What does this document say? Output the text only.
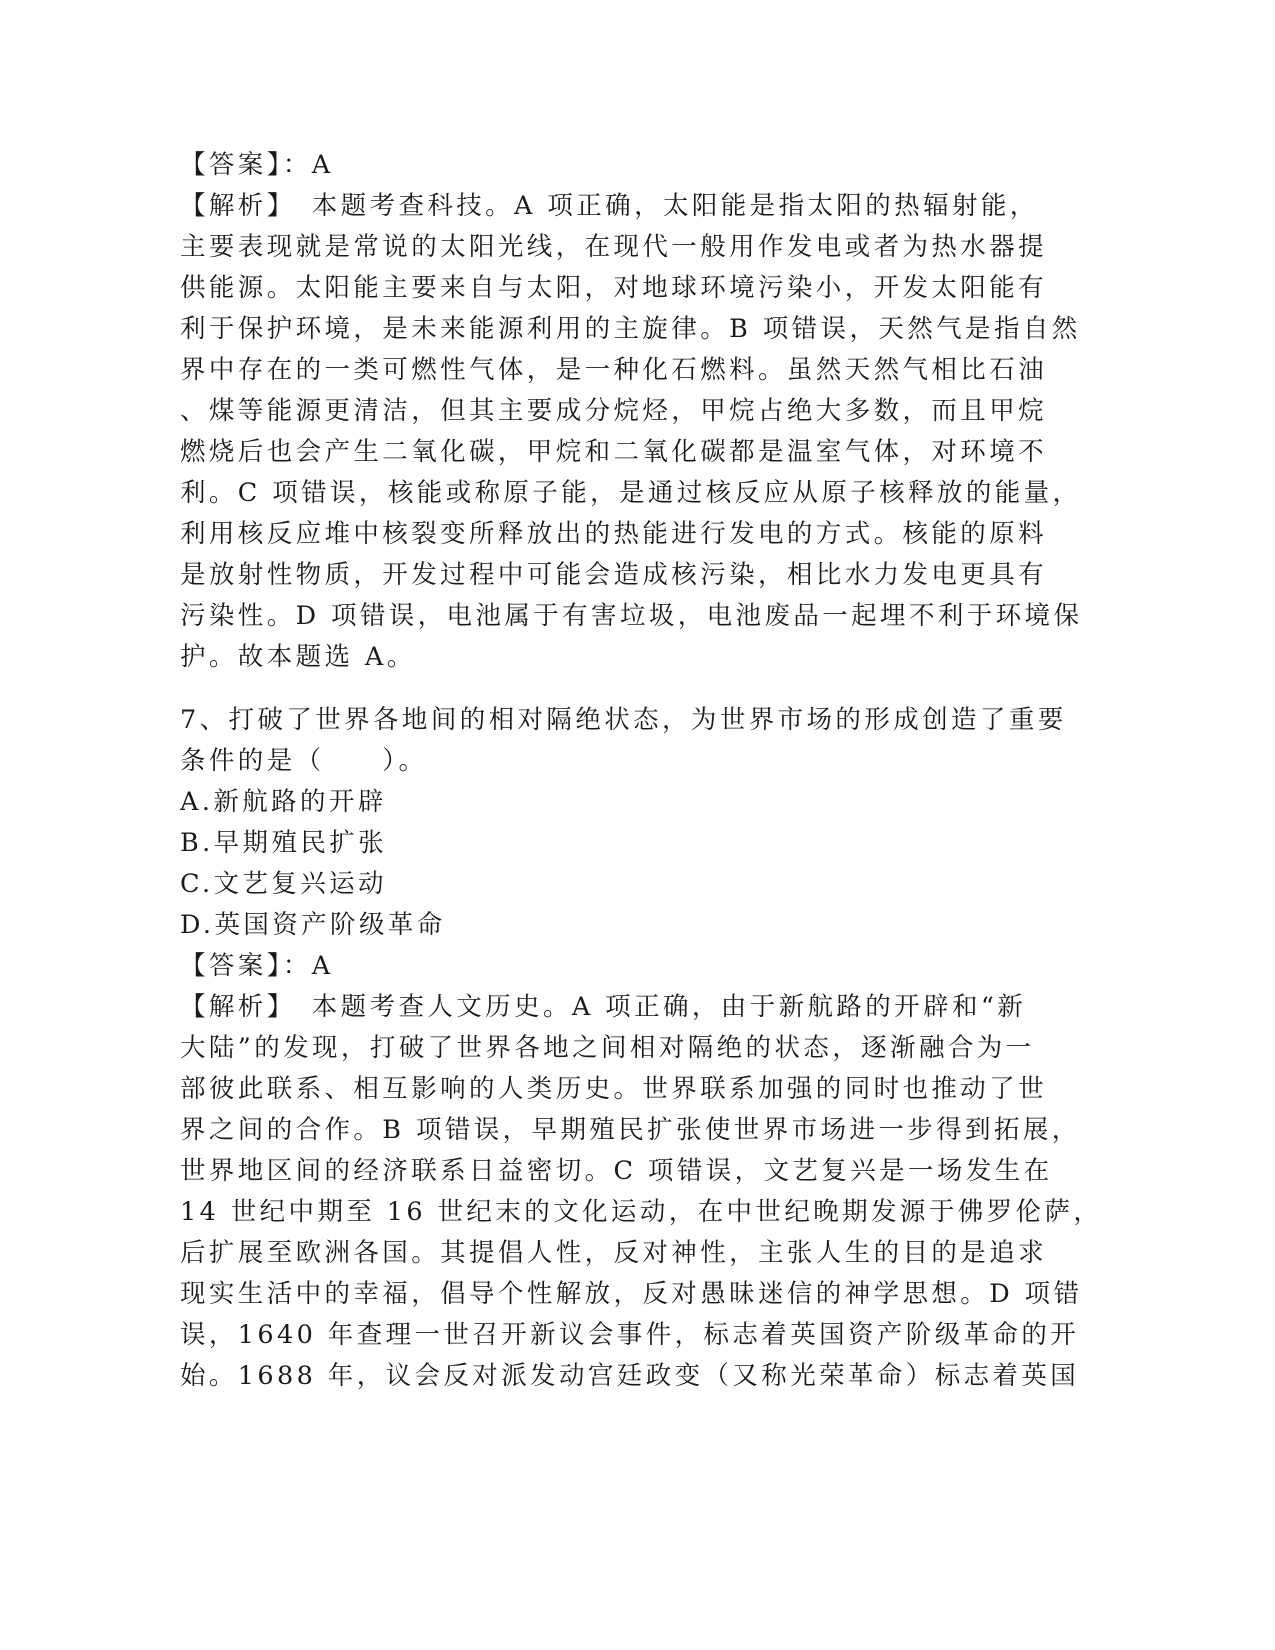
【答案】：A
【解析】　本题考查科技。A 项正确，太阳能是指太阳的热辐射能，
主要表现就是常说的太阳光线，在现代一般用作发电或者为热水器提
供能源。太阳能主要来自与太阳，对地球环境污染小，开发太阳能有
利于保护环境，是未来能源利用的主旋律。B 项错误，天然气是指自然
界中存在的一类可燃性气体，是一种化石燃料。虽然天然气相比石油
、煤等能源更清洁，但其主要成分烷烃，甲烷占绝大多数，而且甲烷
燃烧后也会产生二氧化碳，甲烷和二氧化碳都是温室气体，对环境不
利。C 项错误，核能或称原子能，是通过核反应从原子核释放的能量，
利用核反应堆中核裂变所释放出的热能进行发电的方式。核能的原料
是放射性物质，开发过程中可能会造成核污染，相比水力发电更具有
污染性。D 项错误，电池属于有害垃圾，电池废品一起埋不利于环境保
护。故本题选 A。
7、打破了世界各地间的相对隔绝状态，为世界市场的形成创造了重要
条件的是（　　）。
A.新航路的开辟
B.早期殖民扩张
C.文艺复兴运动
D.英国资产阶级革命
【答案】：A
【解析】　本题考查人文历史。A 项正确，由于新航路的开辟和“新
大陆”的发现，打破了世界各地之间相对隔绝的状态，逐渐融合为一
部彼此联系、相互影响的人类历史。世界联系加强的同时也推动了世
界之间的合作。B 项错误，早期殖民扩张使世界市场进一步得到拓展，
世界地区间的经济联系日益密切。C 项错误，文艺复兴是一场发生在
14 世纪中期至 16 世纪末的文化运动，在中世纪晚期发源于佛罗伦萨，
后扩展至欧洲各国。其提倡人性，反对神性，主张人生的目的是追求
现实生活中的幸福，倡导个性解放，反对愚昧迷信的神学思想。D 项错
误，1640 年查理一世召开新议会事件，标志着英国资产阶级革命的开
始。1688 年，议会反对派发动宫廷政变（又称光荣革命）标志着英国
